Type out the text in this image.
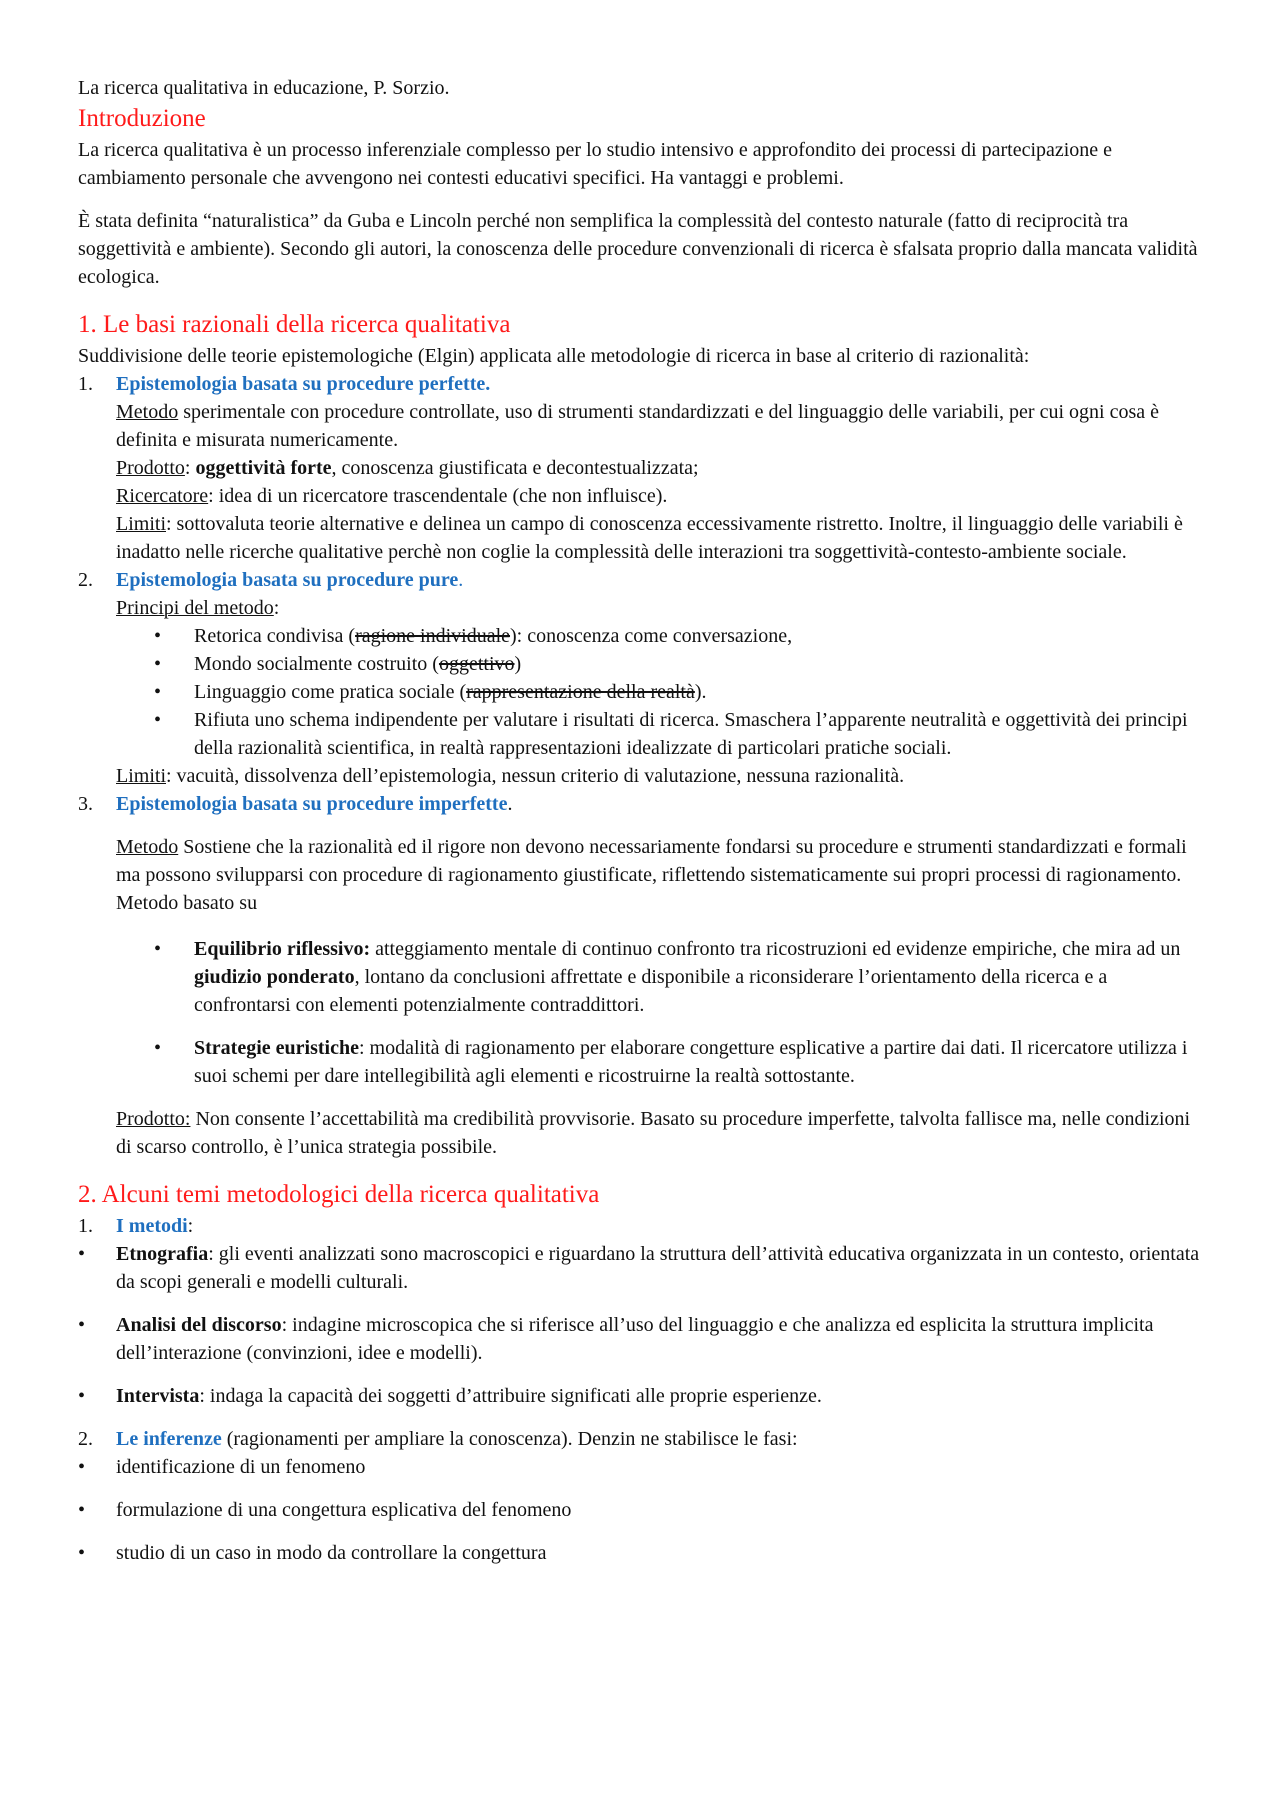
La ricerca qualitativa in educazione, P. Sorzio.

Introduzione

La ricerca qualitativa è un processo inferenziale complesso per lo studio intensivo e approfondito dei processi di partecipazione e cambiamento personale che avvengono nei contesti educativi specifici. Ha vantaggi e problemi.

È stata definita “naturalistica” da Guba e Lincoln perché non semplifica la complessità del contesto naturale (fatto di reciprocità tra soggettività e ambiente). Secondo gli autori, la conoscenza delle procedure convenzionali di ricerca è sfalsata proprio dalla mancata validità ecologica.

1. Le basi razionali della ricerca qualitativa

Suddivisione delle teorie epistemologiche (Elgin) applicata alle metodologie di ricerca in base al criterio di razionalità:

1. Epistemologia basata su procedure perfette.

Metodo sperimentale con procedure controllate, uso di strumenti standardizzati e del linguaggio delle variabili, per cui ogni cosa è definita e misurata numericamente.

Prodotto: oggettività forte, conoscenza giustificata e decontestualizzata;

Ricercatore: idea di un ricercatore trascendentale (che non influisce).

Limiti: sottovaluta teorie alternative e delinea un campo di conoscenza eccessivamente ristretto. Inoltre, il linguaggio delle variabili è inadatto nelle ricerche qualitative perchè non coglie la complessità delle interazioni tra soggettività-contesto-ambiente sociale.

2. Epistemologia basata su procedure pure.

Principi del metodo:

• Retorica condivisa (ragione individuale): conoscenza come conversazione,

• Mondo socialmente costruito (oggettivo)

• Linguaggio come pratica sociale (rappresentazione della realtà).

• Rifiuta uno schema indipendente per valutare i risultati di ricerca. Smaschera l’apparente neutralità e oggettività dei principi della razionalità scientifica, in realtà rappresentazioni idealizzate di particolari pratiche sociali.

Limiti: vacuità, dissolvenza dell’epistemologia, nessun criterio di valutazione, nessuna razionalità.

3. Epistemologia basata su procedure imperfette.

Metodo Sostiene che la razionalità ed il rigore non devono necessariamente fondarsi su procedure e strumenti standardizzati e formali ma possono svilupparsi con procedure di ragionamento giustificate, riflettendo sistematicamente sui propri processi di ragionamento. Metodo basato su

• Equilibrio riflessivo: atteggiamento mentale di continuo confronto tra ricostruzioni ed evidenze empiriche, che mira ad un giudizio ponderato, lontano da conclusioni affrettate e disponibile a riconsiderare l’orientamento della ricerca e a confrontarsi con elementi potenzialmente contraddittori.

• Strategie euristiche: modalità di ragionamento per elaborare congetture esplicative a partire dai dati. Il ricercatore utilizza i suoi schemi per dare intellegibilità agli elementi e ricostruirne la realtà sottostante.

Prodotto: Non consente l’accettabilità ma credibilità provvisorie. Basato su procedure imperfette, talvolta fallisce ma, nelle condizioni di scarso controllo, è l’unica strategia possibile.

2. Alcuni temi metodologici della ricerca qualitativa
1. I metodi:

• Etnografia: gli eventi analizzati sono macroscopici e riguardano la struttura dell’attività educativa organizzata in un contesto, orientata da scopi generali e modelli culturali.

• Analisi del discorso: indagine microscopica che si riferisce all’uso del linguaggio e che analizza ed esplicita la struttura implicita dell’interazione (convinzioni, idee e modelli).

• Intervista: indaga la capacità dei soggetti d’attribuire significati alle proprie esperienze.

2. Le inferenze (ragionamenti per ampliare la conoscenza). Denzin ne stabilisce le fasi:

• identificazione di un fenomeno

• formulazione di una congettura esplicativa del fenomeno

• studio di un caso in modo da controllare la congettura
